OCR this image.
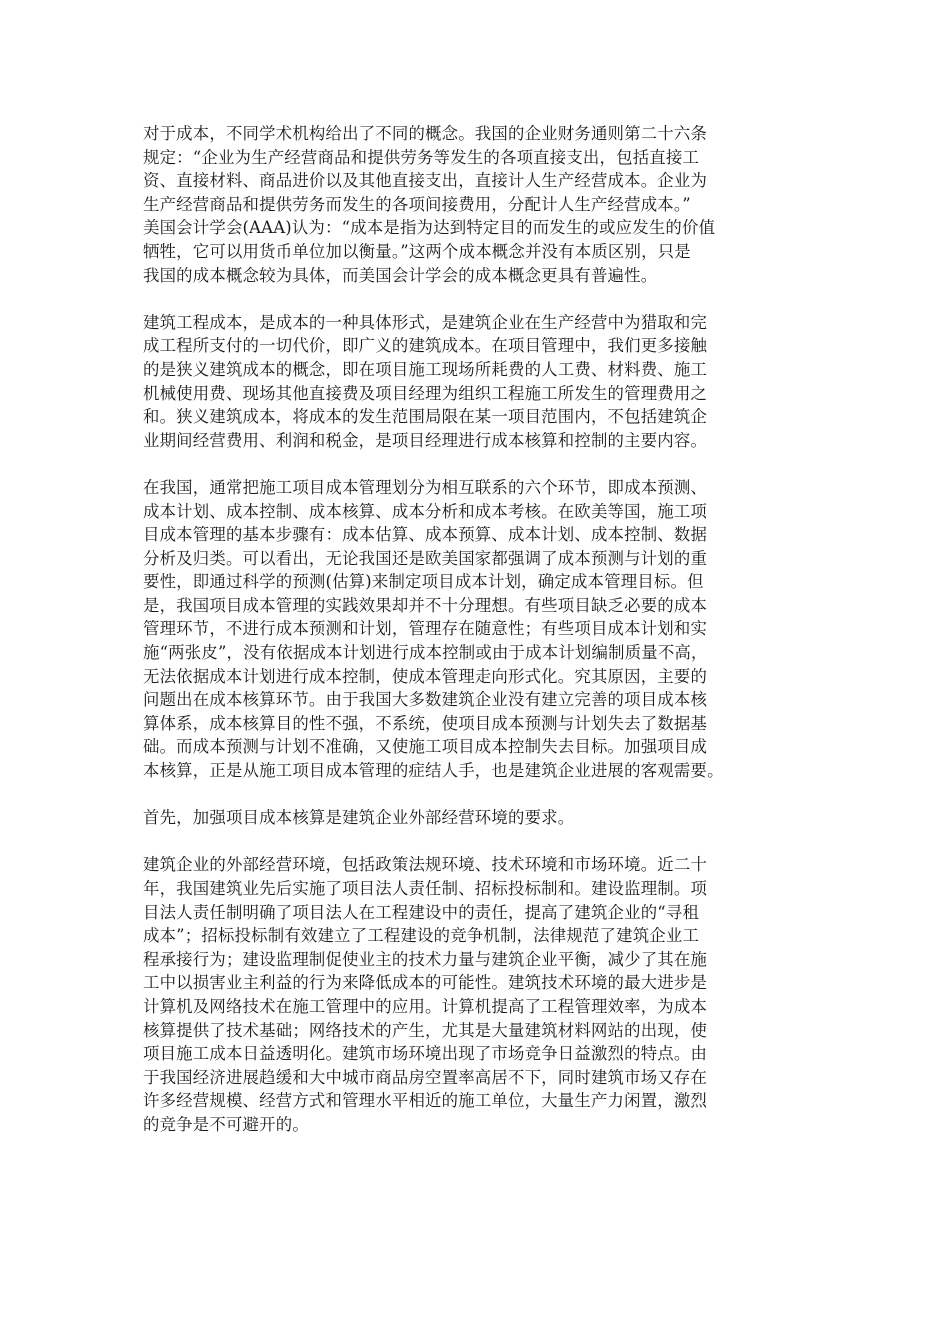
对于成本，不同学术机构给出了不同的概念。我国的企业财务通则第二十六条
规定：“企业为生产经营商品和提供劳务等发生的各项直接支出，包括直接工
资、直接材料、商品进价以及其他直接支出，直接计人生产经营成本。企业为
生产经营商品和提供劳务而发生的各项间接费用，分配计人生产经营成本。”
美国会计学会(AAA)认为：“成本是指为达到特定目的而发生的或应发生的价值
牺牲，它可以用货币单位加以衡量。”这两个成本概念并没有本质区别，只是
我国的成本概念较为具体，而美国会计学会的成本概念更具有普遍性。

建筑工程成本，是成本的一种具体形式，是建筑企业在生产经营中为猎取和完
成工程所支付的一切代价，即广义的建筑成本。在项目管理中，我们更多接触
的是狭义建筑成本的概念，即在项目施工现场所耗费的人工费、材料费、施工
机械使用费、现场其他直接费及项目经理为组织工程施工所发生的管理费用之
和。狭义建筑成本，将成本的发生范围局限在某一项目范围内，不包括建筑企
业期间经营费用、利润和税金，是项目经理进行成本核算和控制的主要内容。

在我国，通常把施工项目成本管理划分为相互联系的六个环节，即成本预测、
成本计划、成本控制、成本核算、成本分析和成本考核。在欧美等国，施工项
目成本管理的基本步骤有：成本估算、成本预算、成本计划、成本控制、数据
分析及归类。可以看出，无论我国还是欧美国家都强调了成本预测与计划的重
要性，即通过科学的预测(估算)来制定项目成本计划，确定成本管理目标。但
是，我国项目成本管理的实践效果却并不十分理想。有些项目缺乏必要的成本
管理环节，不进行成本预测和计划，管理存在随意性；有些项目成本计划和实
施“两张皮”，没有依据成本计划进行成本控制或由于成本计划编制质量不高，
无法依据成本计划进行成本控制，使成本管理走向形式化。究其原因，主要的
问题出在成本核算环节。由于我国大多数建筑企业没有建立完善的项目成本核
算体系，成本核算目的性不强，不系统，使项目成本预测与计划失去了数据基
础。而成本预测与计划不准确，又使施工项目成本控制失去目标。加强项目成
本核算，正是从施工项目成本管理的症结人手，也是建筑企业进展的客观需要。

首先，加强项目成本核算是建筑企业外部经营环境的要求。

建筑企业的外部经营环境，包括政策法规环境、技术环境和市场环境。近二十
年，我国建筑业先后实施了项目法人责任制、招标投标制和。建设监理制。项
目法人责任制明确了项目法人在工程建设中的责任，提高了建筑企业的“寻租
成本”；招标投标制有效建立了工程建设的竞争机制，法律规范了建筑企业工
程承接行为；建设监理制促使业主的技术力量与建筑企业平衡，减少了其在施
工中以损害业主利益的行为来降低成本的可能性。建筑技术环境的最大进步是
计算机及网络技术在施工管理中的应用。计算机提高了工程管理效率，为成本
核算提供了技术基础；网络技术的产生，尤其是大量建筑材料网站的出现，使
项目施工成本日益透明化。建筑市场环境出现了市场竞争日益激烈的特点。由
于我国经济进展趋缓和大中城市商品房空置率高居不下，同时建筑市场又存在
许多经营规模、经营方式和管理水平相近的施工单位，大量生产力闲置，激烈
的竞争是不可避开的。
